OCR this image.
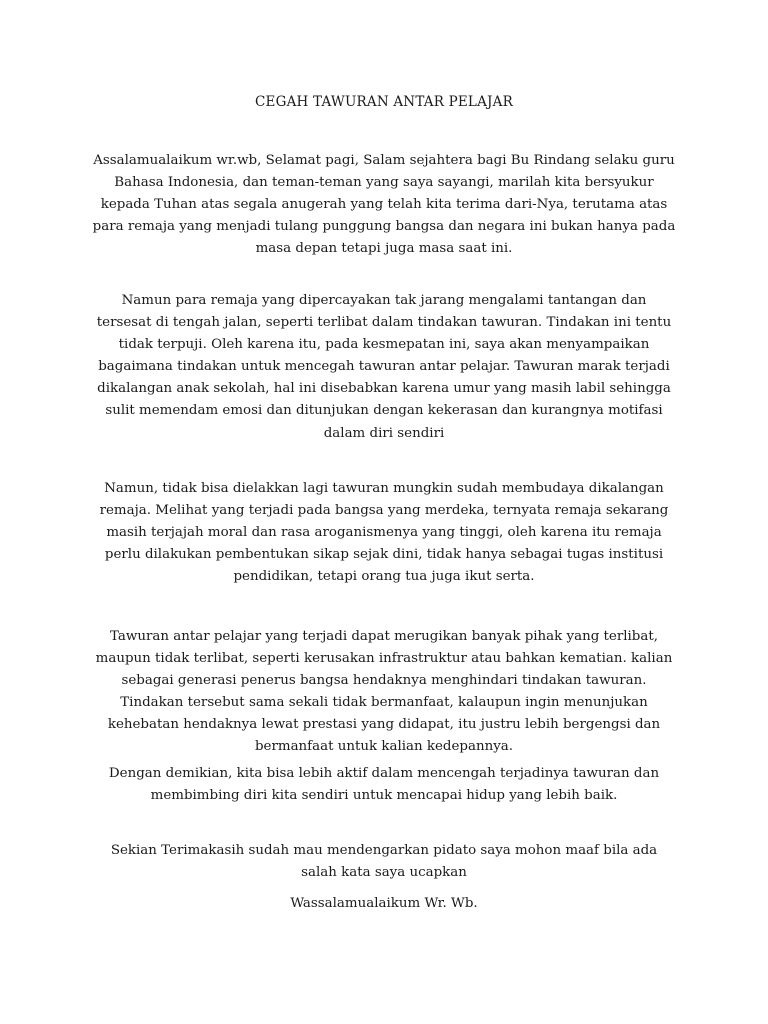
CEGAH TAWURAN ANTAR PELAJAR

Assalamualaikum wr.wb, Selamat pagi, Salam sejahtera bagi Bu Rindang selaku guru
Bahasa Indonesia, dan teman-teman yang saya sayangi, marilah kita bersyukur
kepada Tuhan atas segala anugerah yang telah kita terima dari-Nya, terutama atas
para remaja yang menjadi tulang punggung bangsa dan negara ini bukan hanya pada
masa depan tetapi juga masa saat ini.

Namun para remaja yang dipercayakan tak jarang mengalami tantangan dan
tersesat di tengah jalan, seperti terlibat dalam tindakan tawuran. Tindakan ini tentu
tidak terpuji. Oleh karena itu, pada kesmepatan ini, saya akan menyampaikan
bagaimana tindakan untuk mencegah tawuran antar pelajar. Tawuran marak terjadi
dikalangan anak sekolah, hal ini disebabkan karena umur yang masih labil sehingga
sulit memendam emosi dan ditunjukan dengan kekerasan dan kurangnya motifasi
dalam diri sendiri

Namun, tidak bisa dielakkan lagi tawuran mungkin sudah membudaya dikalangan
remaja. Melihat yang terjadi pada bangsa yang merdeka, ternyata remaja sekarang
masih terjajah moral dan rasa aroganismenya yang tinggi, oleh karena itu remaja
perlu dilakukan pembentukan sikap sejak dini, tidak hanya sebagai tugas institusi
pendidikan, tetapi orang tua juga ikut serta.

Tawuran antar pelajar yang terjadi dapat merugikan banyak pihak yang terlibat,
maupun tidak terlibat, seperti kerusakan infrastruktur atau bahkan kematian. kalian
sebagai generasi penerus bangsa hendaknya menghindari tindakan tawuran.
Tindakan tersebut sama sekali tidak bermanfaat, kalaupun ingin menunjukan
kehebatan hendaknya lewat prestasi yang didapat, itu justru lebih bergengsi dan
bermanfaat untuk kalian kedepannya.

Dengan demikian, kita bisa lebih aktif dalam mencengah terjadinya tawuran dan
membimbing diri kita sendiri untuk mencapai hidup yang lebih baik.

Sekian Terimakasih sudah mau mendengarkan pidato saya mohon maaf bila ada
salah kata saya ucapkan

Wassalamualaikum Wr. Wb.
